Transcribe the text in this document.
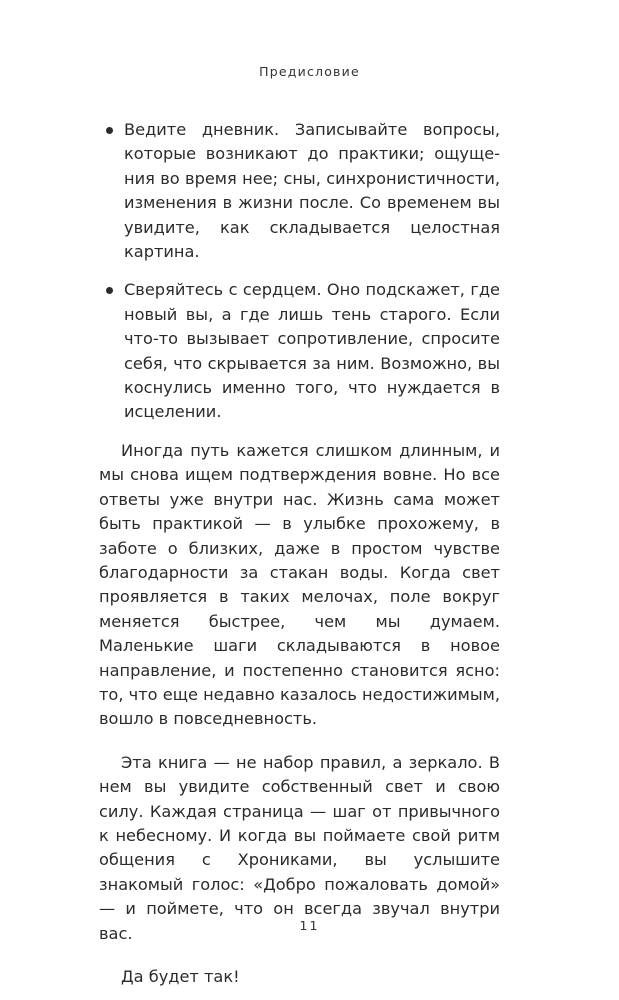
Предисловие
Ведите дневник. Записывайте вопросы, которые возникают до практики; ощущения во время нее; сны, синхронистичности, изменения в жизни после. Со временем вы увидите, как складывается целостная картина.
Сверяйтесь с сердцем. Оно подскажет, где новый вы, а где лишь тень старого. Если что-то вызывает сопротивление, спросите себя, что скрывается за ним. Возможно, вы коснулись именно того, что нуждается в исцелении.

Иногда путь кажется слишком длинным, и мы снова ищем подтверждения вовне. Но все ответы уже внутри нас. Жизнь сама может быть практикой — в улыбке прохожему, в заботе о близких, даже в простом чувстве благодарности за стакан воды. Когда свет проявляется в таких мелочах, поле вокруг меняется быстрее, чем мы думаем. Маленькие шаги складываются в новое направление, и постепенно становится ясно: то, что еще недавно казалось недостижимым, вошло в повседневность.

Эта книга — не набор правил, а зеркало. В нем вы увидите собственный свет и свою силу. Каждая страница — шаг от привычного к небесному. И когда вы поймаете свой ритм общения с Хрониками, вы услышите знакомый голос: «Добро пожаловать домой» — и поймете, что он всегда звучал внутри вас.

Да будет так!

11
